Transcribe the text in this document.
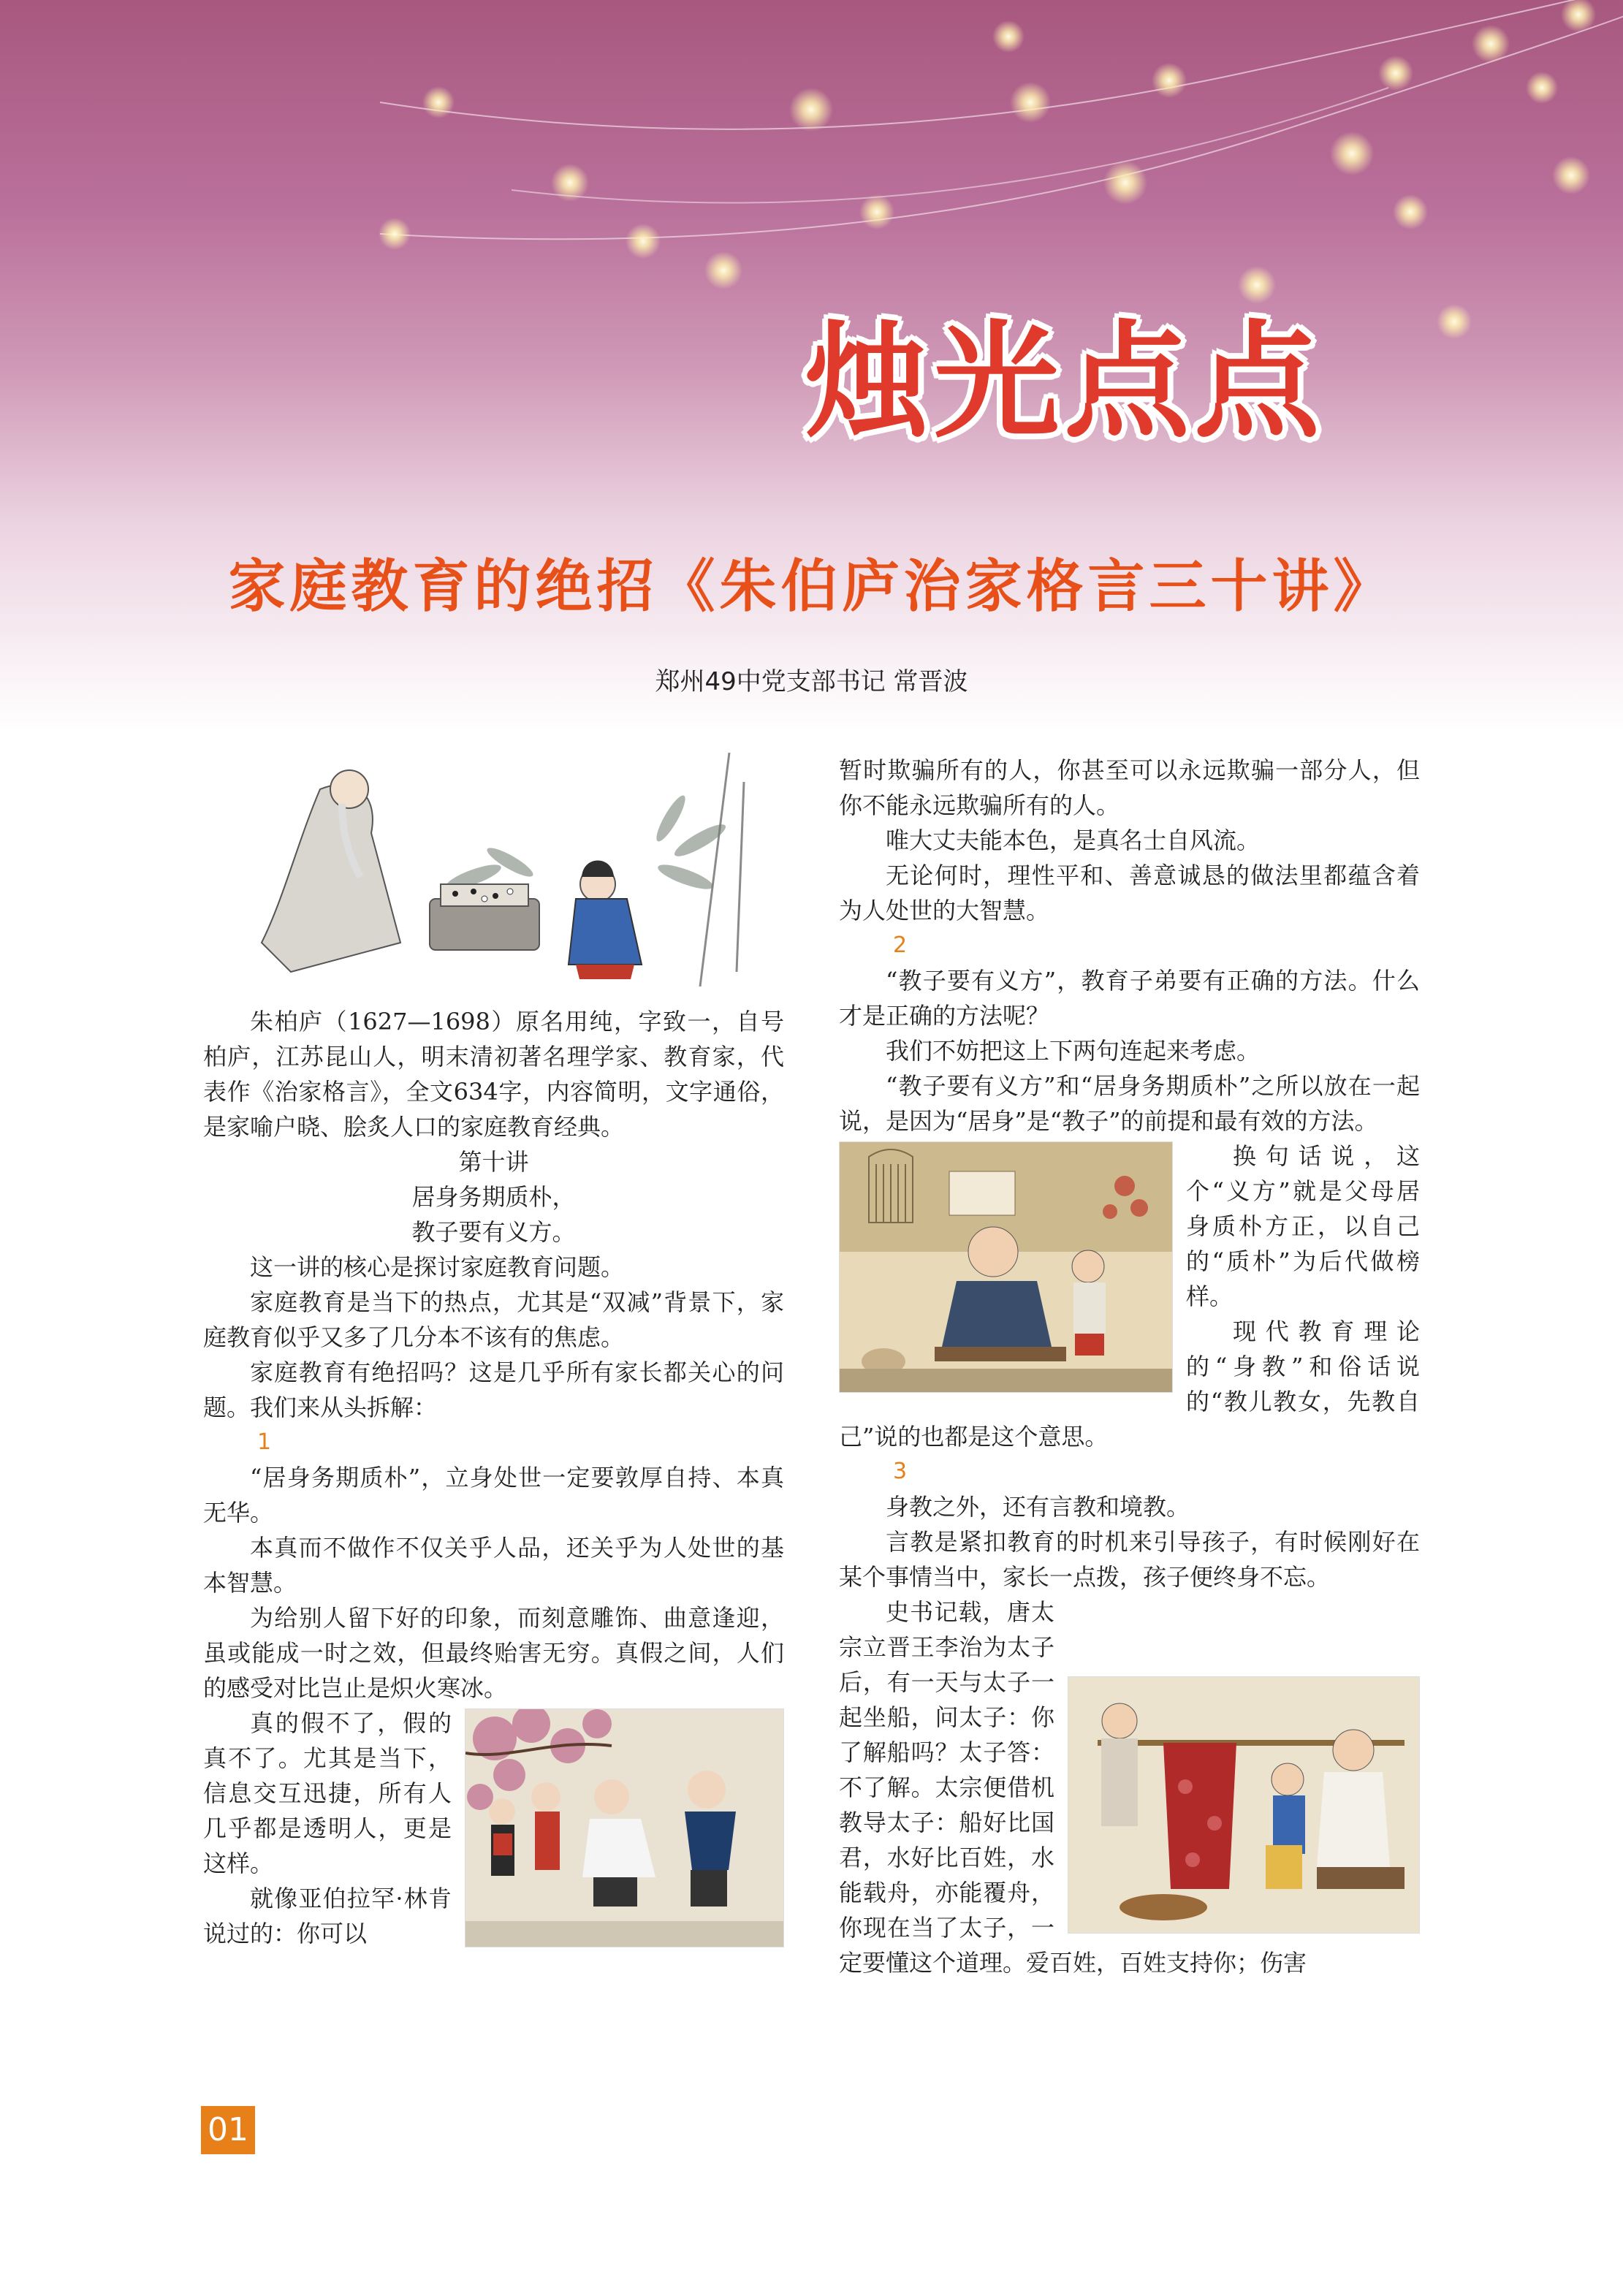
烛光点点
家庭教育的绝招《朱伯庐治家格言三十讲》
郑州49中党支部书记 常晋波

朱柏庐（1627—1698）原名用纯，字致一，自号柏庐，江苏昆山人，明末清初著名理学家、教育家，代表作《治家格言》，全文634字，内容简明，文字通俗，是家喻户晓、脍炙人口的家庭教育经典。

第十讲

居身务期质朴，

教子要有义方。

这一讲的核心是探讨家庭教育问题。

家庭教育是当下的热点，尤其是“双减”背景下，家庭教育似乎又多了几分本不该有的焦虑。

家庭教育有绝招吗？这是几乎所有家长都关心的问题。我们来从头拆解：

1

“居身务期质朴”，立身处世一定要敦厚自持、本真无华。

本真而不做作不仅关乎人品，还关乎为人处世的基本智慧。

为给别人留下好的印象，而刻意雕饰、曲意逢迎，虽或能成一时之效，但最终贻害无穷。真假之间，人们的感受对比岂止是炽火寒冰。

真的假不了，假的真不了。尤其是当下，信息交互迅捷，所有人几乎都是透明人，更是这样。

就像亚伯拉罕·林肯说过的：你可以

暂时欺骗所有的人，你甚至可以永远欺骗一部分人，但你不能永远欺骗所有的人。

唯大丈夫能本色，是真名士自风流。

无论何时，理性平和、善意诚恳的做法里都蕴含着为人处世的大智慧。

2

“教子要有义方”，教育子弟要有正确的方法。什么才是正确的方法呢？

我们不妨把这上下两句连起来考虑。

“教子要有义方”和“居身务期质朴”之所以放在一起说，是因为“居身”是“教子”的前提和最有效的方法。

换句话说，这个“义方”就是父母居身质朴方正，以自己的“质朴”为后代做榜样。

现代教育理论的“身教”和俗话说的“教儿教女，先教自己”说的也都是这个意思。

3

身教之外，还有言教和境教。

言教是紧扣教育的时机来引导孩子，有时候刚好在某个事情当中，家长一点拨，孩子便终身不忘。

史书记载，唐太宗立晋王李治为太子后，有一天与太子一起坐船，问太子：你了解船吗？太子答：不了解。太宗便借机教导太子：船好比国君，水好比百姓，水能载舟，亦能覆舟，你现在当了太子，一定要懂这个道理。爱百姓，百姓支持你；伤害

01
